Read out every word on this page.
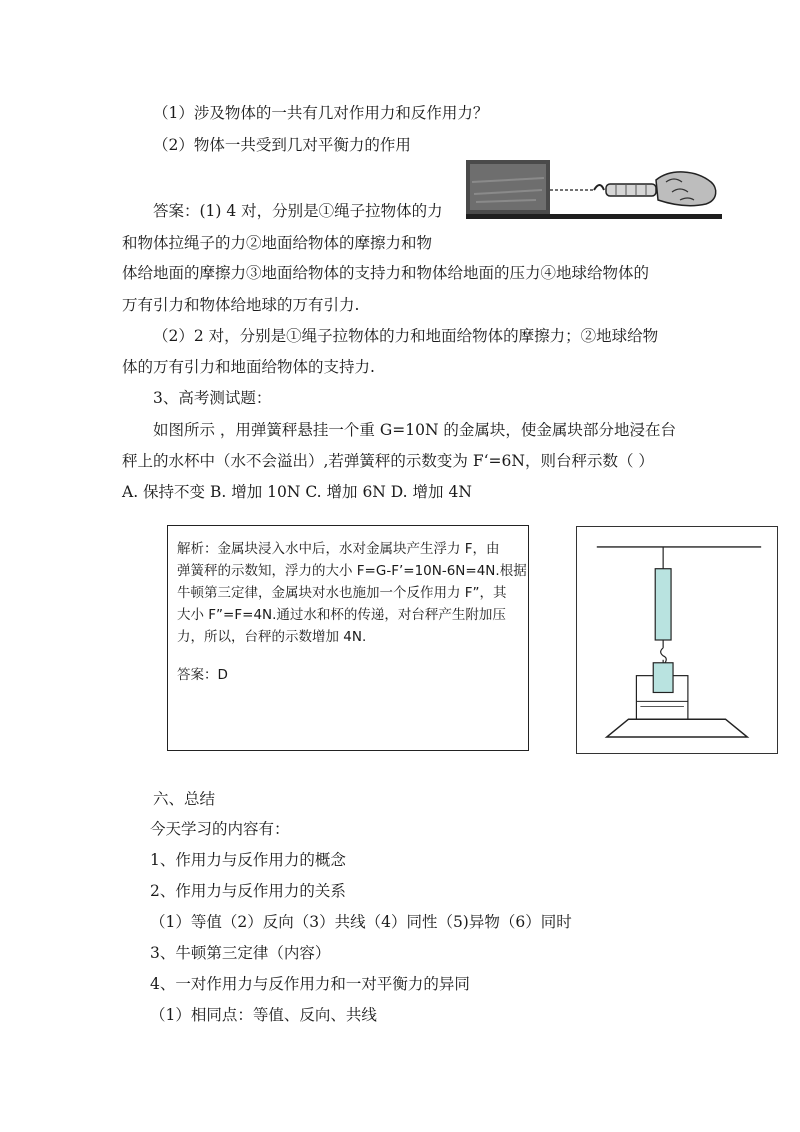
（1）涉及物体的一共有几对作用力和反作用力？
（2）物体一共受到几对平衡力的作用
答案：(1) 4 对，分别是①绳子拉物体的力
和物体拉绳子的力②地面给物体的摩擦力和物
体给地面的摩擦力③地面给物体的支持力和物体给地面的压力④地球给物体的
万有引力和物体给地球的万有引力.
（2）2 对，分别是①绳子拉物体的力和地面给物体的摩擦力；②地球给物
体的万有引力和地面给物体的支持力.
3、高考测试题：
如图所示 ，用弹簧秤悬挂一个重 G=10N 的金属块，使金属块部分地浸在台
秤上的水杯中（水不会溢出）,若弹簧秤的示数变为 F‘=6N，则台秤示数（ ）
A. 保持不变 B. 增加 10N C. 增加 6N D. 增加 4N
解析：金属块浸入水中后，水对金属块产生浮力 F，由
弹簧秤的示数知，浮力的大小 F=G-F’=10N-6N=4N.根据
牛顿第三定律，金属块对水也施加一个反作用力 F”，其
大小 F”=F=4N.通过水和杯的传递，对台秤产生附加压
力，所以，台秤的示数增加 4N.
答案：D
六、总结
今天学习的内容有：
1、作用力与反作用力的概念
2、作用力与反作用力的关系
（1）等值（2）反向（3）共线（4）同性（5)异物（6）同时
3、牛顿第三定律（内容）
4、一对作用力与反作用力和一对平衡力的异同
（1）相同点：等值、反向、共线
